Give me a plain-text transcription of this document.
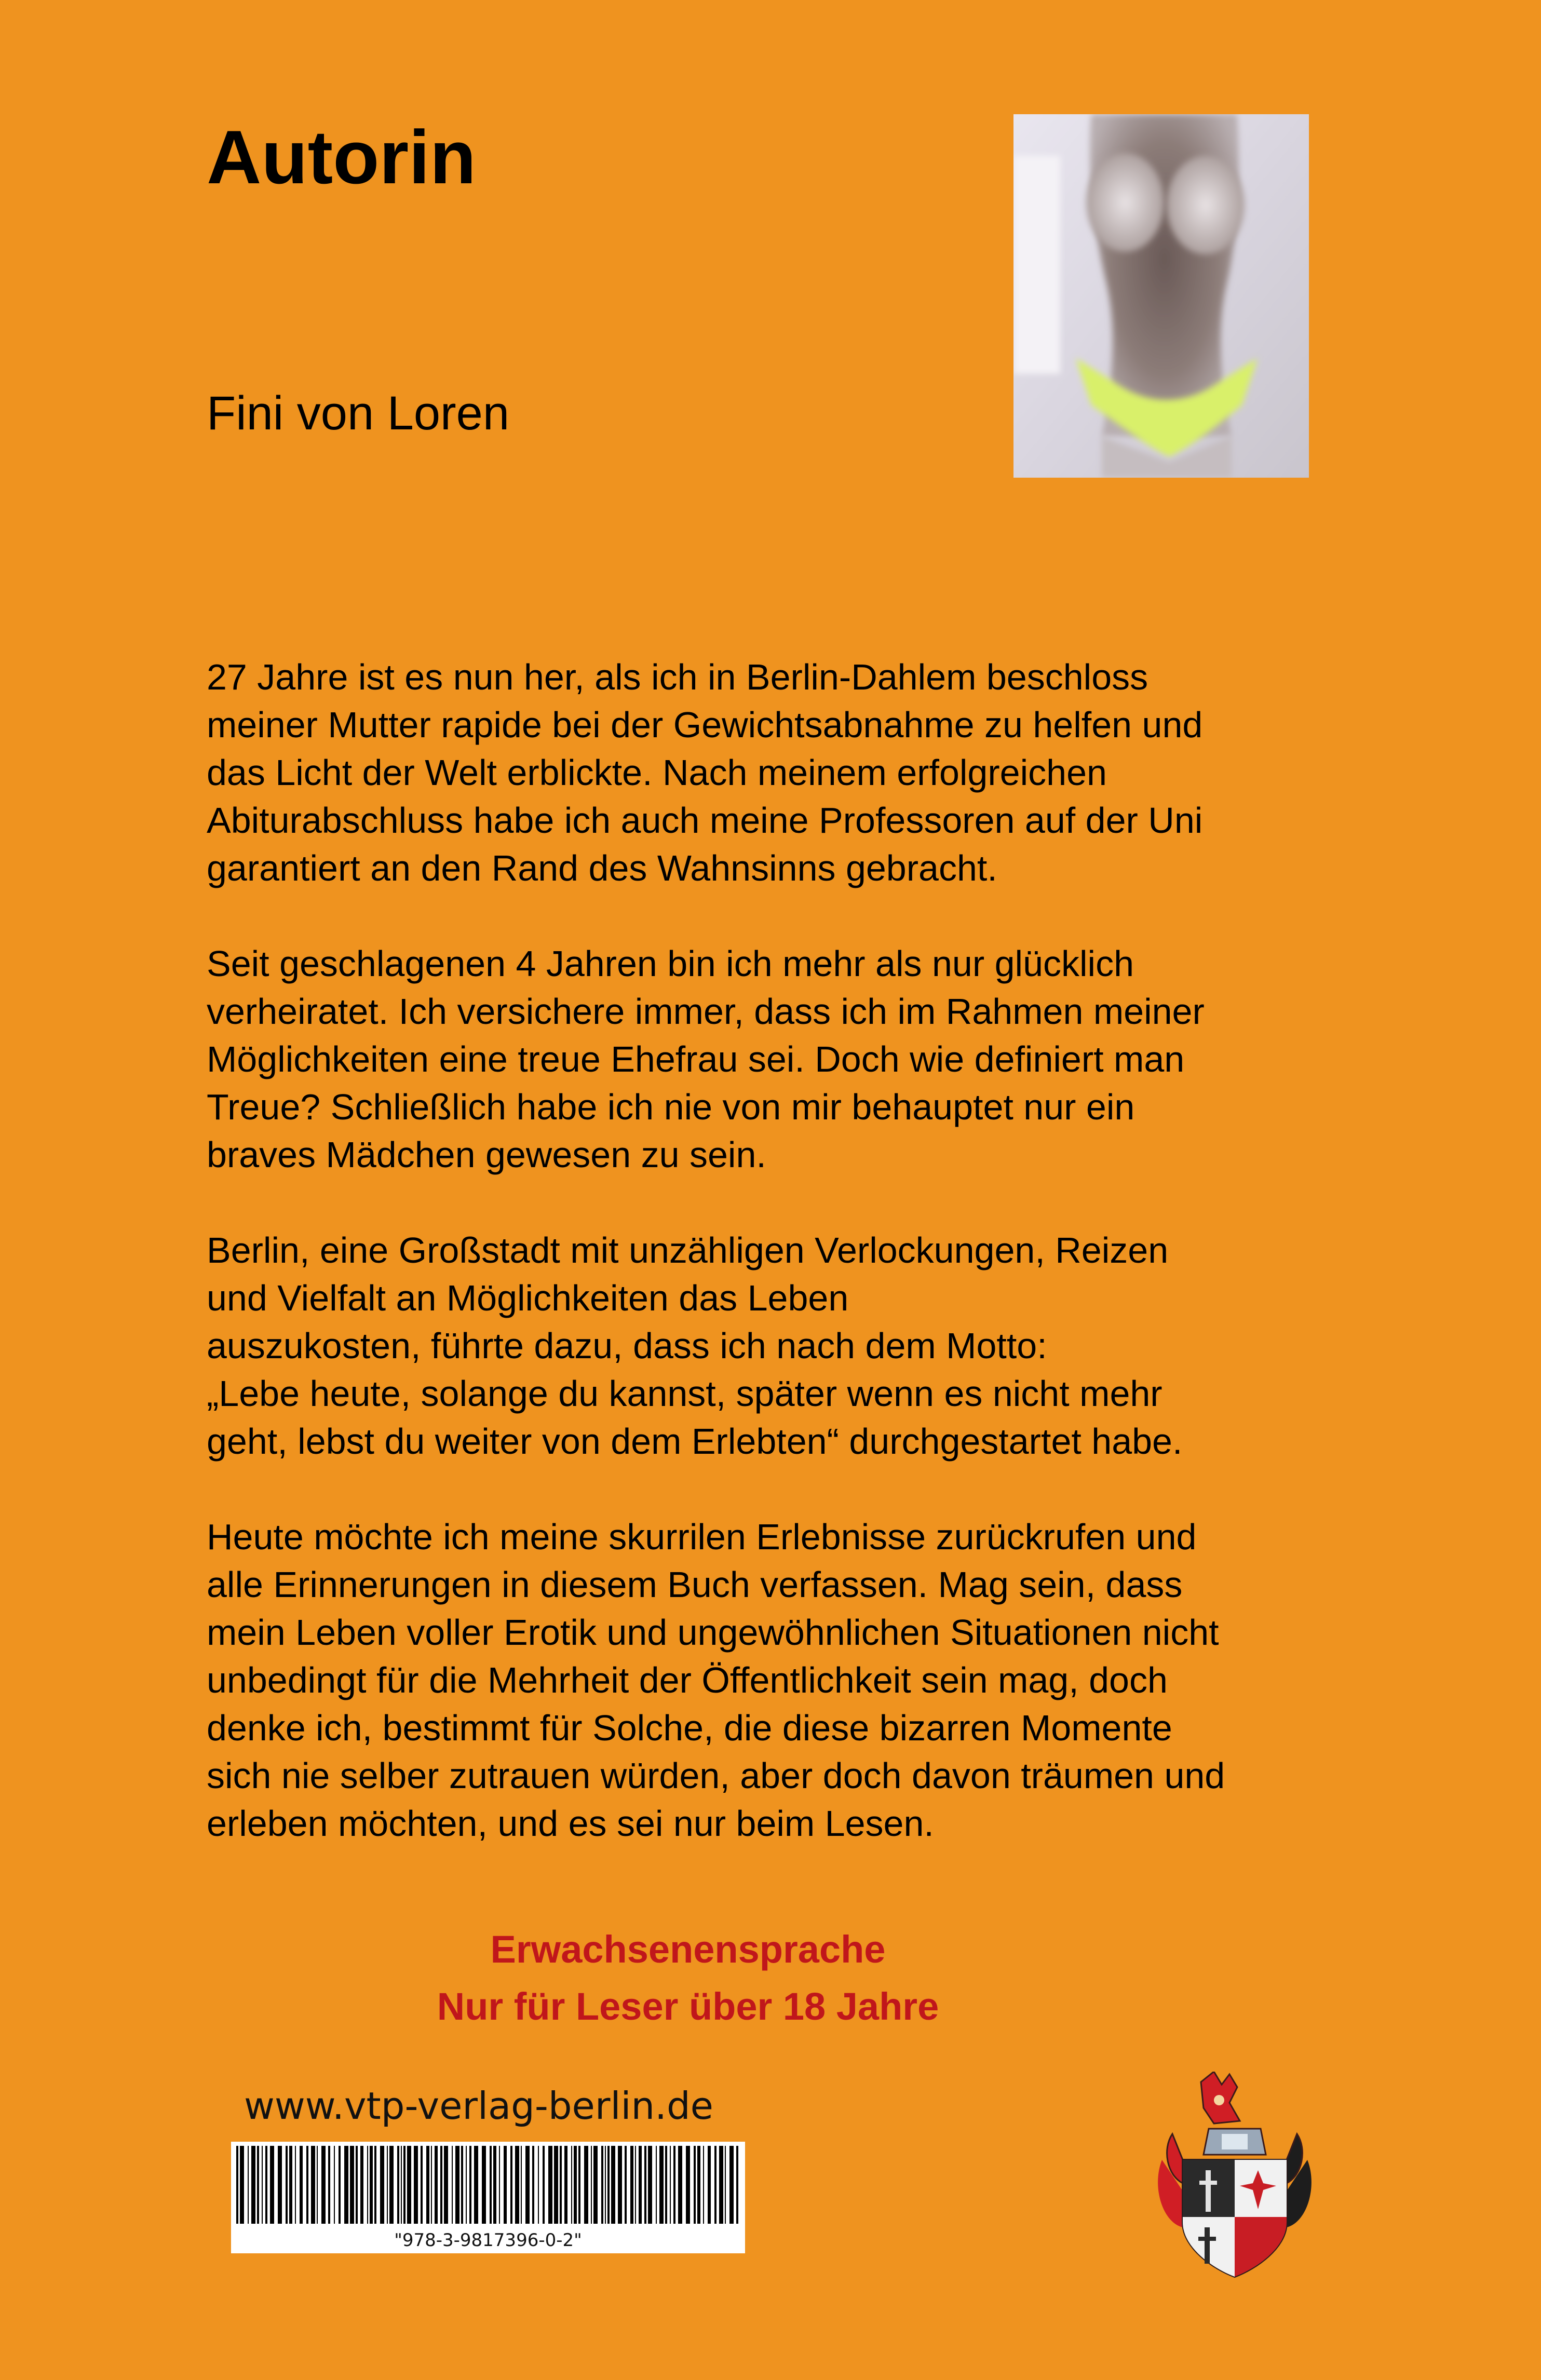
Autorin
Fini von Loren

27 Jahre ist es nun her, als ich in Berlin-Dahlem beschloss
meiner Mutter rapide bei der Gewichtsabnahme zu helfen und
das Licht der Welt erblickte. Nach meinem erfolgreichen
Abiturabschluss habe ich auch meine Professoren auf der Uni
garantiert an den Rand des Wahnsinns gebracht.

Seit geschlagenen 4 Jahren bin ich mehr als nur glücklich
verheiratet. Ich versichere immer, dass ich im Rahmen meiner
Möglichkeiten eine treue Ehefrau sei. Doch wie definiert man
Treue? Schließlich habe ich nie von mir behauptet nur ein
braves Mädchen gewesen zu sein.

Berlin, eine Großstadt mit unzähligen Verlockungen, Reizen
und Vielfalt an Möglichkeiten das Leben
auszukosten, führte dazu, dass ich nach dem Motto:
„Lebe heute, solange du kannst, später wenn es nicht mehr
geht, lebst du weiter von dem Erlebten“ durchgestartet habe.

Heute möchte ich meine skurrilen Erlebnisse zurückrufen und
alle Erinnerungen in diesem Buch verfassen. Mag sein, dass
mein Leben voller Erotik und ungewöhnlichen Situationen nicht
unbedingt für die Mehrheit der Öffentlichkeit sein mag, doch
denke ich, bestimmt für Solche, die diese bizarren Momente
sich nie selber zutrauen würden, aber doch davon träumen und
erleben möchten, und es sei nur beim Lesen.

Erwachsenensprache
Nur für Leser über 18 Jahre
www.vtp-verlag-berlin.de
"978-3-9817396-0-2"
